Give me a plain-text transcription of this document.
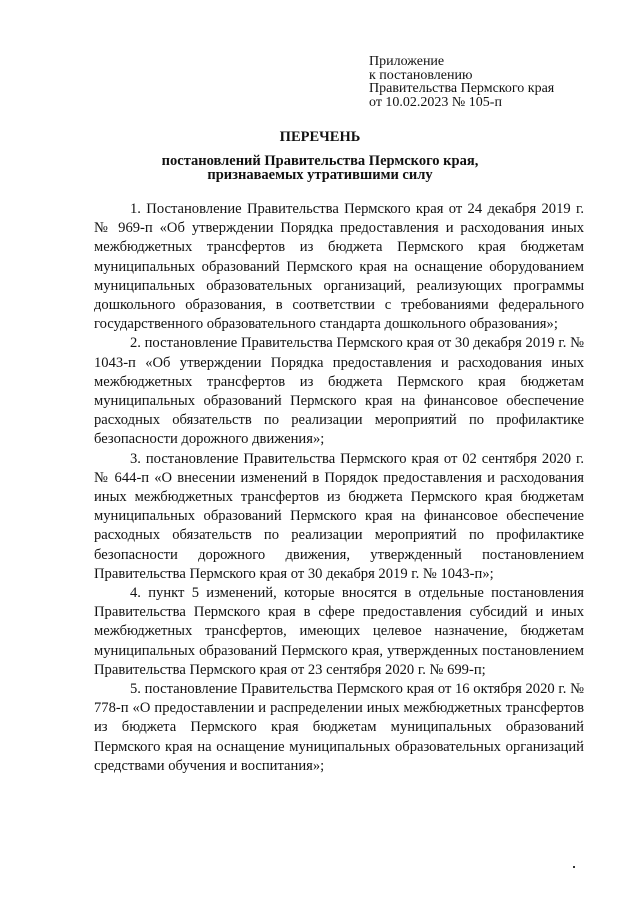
Приложение
к постановлению
Правительства Пермского края
от 10.02.2023 № 105-п
ПЕРЕЧЕНЬ
постановлений Правительства Пермского края,
признаваемых утратившими силу

1. Постановление Правительства Пермского края от 24 декабря 2019 г. № 969-п «Об утверждении Порядка предоставления и расходования иных межбюджетных трансфертов из бюджета Пермского края бюджетам муниципальных образований Пермского края на оснащение оборудованием муниципальных образовательных организаций, реализующих программы дошкольного образования, в соответствии с требованиями федерального государственного образовательного стандарта дошкольного образования»;

2. постановление Правительства Пермского края от 30 декабря 2019 г. № 1043-п «Об утверждении Порядка предоставления и расходования иных межбюджетных трансфертов из бюджета Пермского края бюджетам муниципальных образований Пермского края на финансовое обеспечение расходных обязательств по реализации мероприятий по профилактике безопасности дорожного движения»;

3. постановление Правительства Пермского края от 02 сентября 2020 г. № 644-п «О внесении изменений в Порядок предоставления и расходования иных межбюджетных трансфертов из бюджета Пермского края бюджетам муниципальных образований Пермского края на финансовое обеспечение расходных обязательств по реализации мероприятий по профилактике безопасности дорожного движения, утвержденный постановлением Правительства Пермского края от 30 декабря 2019 г. № 1043-п»;

4. пункт 5 изменений, которые вносятся в отдельные постановления Правительства Пермского края в сфере предоставления субсидий и иных межбюджетных трансфертов, имеющих целевое назначение, бюджетам муниципальных образований Пермского края, утвержденных постановлением Правительства Пермского края от 23 сентября 2020 г. № 699-п;

5. постановление Правительства Пермского края от 16 октября 2020 г. № 778-п «О предоставлении и распределении иных межбюджетных трансфертов из бюджета Пермского края бюджетам муниципальных образований Пермского края на оснащение муниципальных образовательных организаций средствами обучения и воспитания»;
